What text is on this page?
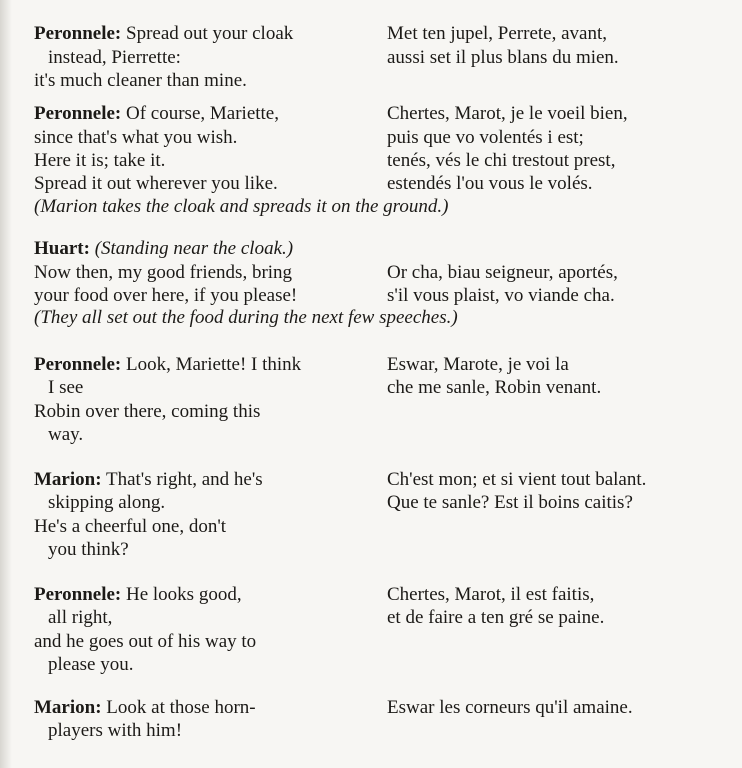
Peronnele: Spread out your cloak
instead, Pierrette:
it's much cleaner than mine.
Met ten jupel, Perrete, avant,
aussi set il plus blans du mien.
Peronnele: Of course, Mariette,
since that's what you wish.
Here it is; take it.
Spread it out wherever you like.
Chertes, Marot, je le voeil bien,
puis que vo volentés i est;
tenés, vés le chi trestout prest,
estendés l'ou vous le volés.
(Marion takes the cloak and spreads it on the ground.)
Huart: (Standing near the cloak.)
Now then, my good friends, bring
your food over here, if you please!
Or cha, biau seigneur, aportés,
s'il vous plaist, vo viande cha.
(They all set out the food during the next few speeches.)
Peronnele: Look, Mariette! I think
I see
Robin over there, coming this
way.
Eswar, Marote, je voi la
che me sanle, Robin venant.
Marion: That's right, and he's
skipping along.
He's a cheerful one, don't
you think?
Ch'est mon; et si vient tout balant.
Que te sanle? Est il boins caitis?
Peronnele: He looks good,
all right,
and he goes out of his way to
please you.
Chertes, Marot, il est faitis,
et de faire a ten gré se paine.
Marion: Look at those horn-
players with him!
Eswar les corneurs qu'il amaine.
